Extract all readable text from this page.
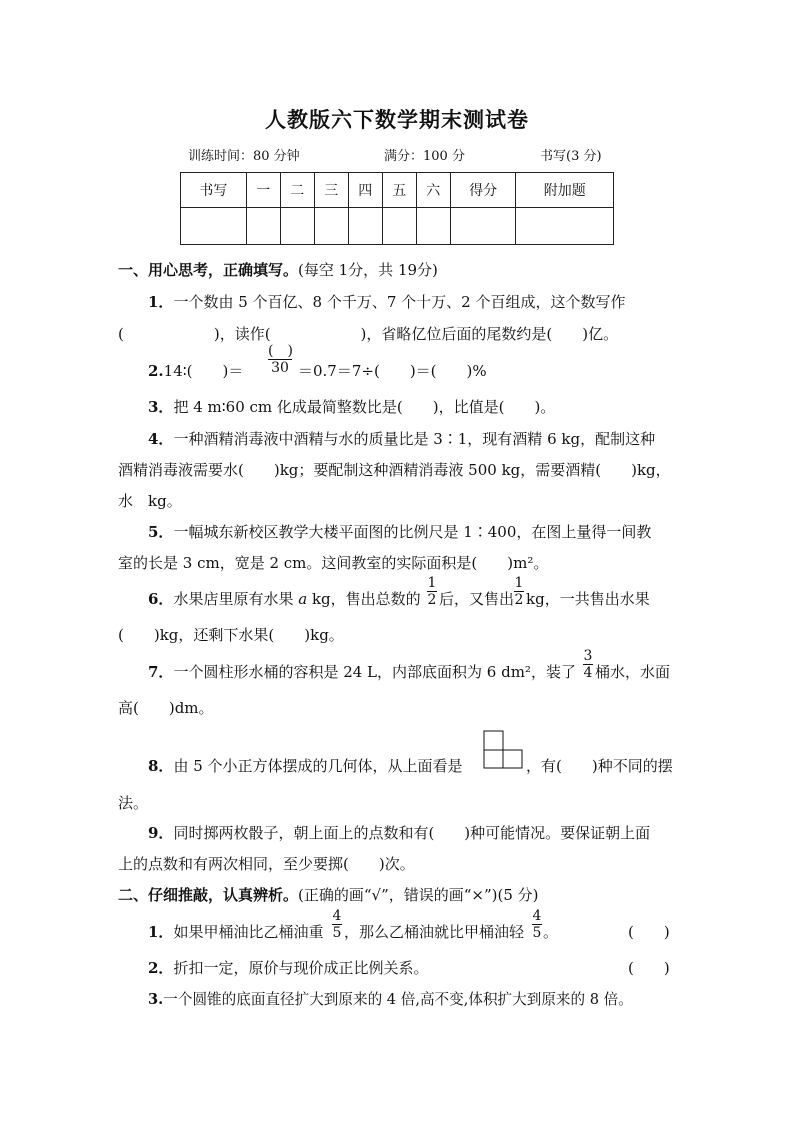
人教版六下数学期末测试卷
训练时间：80 分钟	满分：100 分	书写(3 分)
书写	一	二	三	四	五	六	得分	附加题

一、用心思考，正确填写。(每空 1分，共 19分)
1．一个数由 5 个百亿、8 个千万、7 个十万、2 个百组成，这个数写作
(　　　　　　)，读作(　　　　　　)，省略亿位后面的尾数约是(　　)亿。
2.14∶(　　)＝
(　)
30 ＝0.7＝7÷(　　)＝(　　)%
3．把 4 m∶60 cm 化成最简整数比是(　　)，比值是(　　)。
4．一种酒精消毒液中酒精与水的质量比是 3∶1，现有酒精 6 kg，配制这种
酒精消毒液需要水(　　)kg；要配制这种酒精消毒液 500 kg，需要酒精(　　)kg，
水　kg。
5．一幅城东新校区教学大楼平面图的比例尺是 1∶400，在图上量得一间教
室的长是 3 cm，宽是 2 cm。这间教室的实际面积是(　　)m²。
6．水果店里原有水果 a kg，售出总数的
1
2 后，又售出
1
2 kg，一共售出水果
(　　)kg，还剩下水果(　　)kg。
7．一个圆柱形水桶的容积是 24 L，内部底面积为 6 dm²，装了
3
4 桶水，水面
高(　　)dm。
8．由 5 个小正方体摆成的几何体，从上面看是	，有(　　)种不同的摆
法。
9．同时掷两枚骰子，朝上面上的点数和有(　　)种可能情况。要保证朝上面
上的点数和有两次相同，至少要掷(　　)次。
二、仔细推敲，认真辨析。(正确的画“√”，错误的画“×”)(5 分)
1．如果甲桶油比乙桶油重
4
5 ，那么乙桶油就比甲桶油轻
4
5 。	(　　)
2．折扣一定，原价与现价成正比例关系。	(　　)
3.一个圆锥的底面直径扩大到原来的 4 倍,高不变,体积扩大到原来的 8 倍。
